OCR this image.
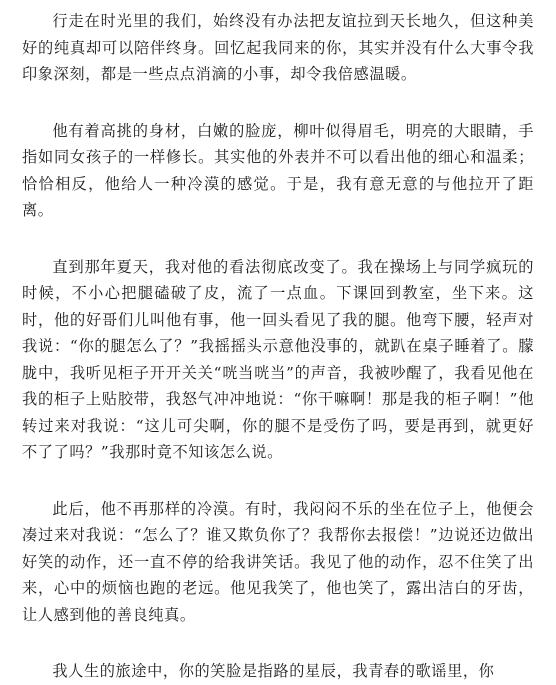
行走在时光里的我们，始终没有办法把友谊拉到天长地久，但这种美好的纯真却可以陪伴终身。回忆起我同来的你，其实并没有什么大事令我印象深刻，都是一些点点消滴的小事，却令我倍感温暖。

他有着高挑的身材，白嫩的脸庞，柳叶似得眉毛，明亮的大眼睛，手指如同女孩子的一样修长。其实他的外表并不可以看出他的细心和温柔；恰恰相反，他给人一种冷漠的感觉。于是，我有意无意的与他拉开了距离。

直到那年夏天，我对他的看法彻底改变了。我在操场上与同学疯玩的时候，不小心把腿磕破了皮，流了一点血。下课回到教室，坐下来。这时，他的好哥们儿叫他有事，他一回头看见了我的腿。他弯下腰，轻声对我说：“你的腿怎么了？”我摇摇头示意他没事的，就趴在桌子睡着了。朦胧中，我听见柜子开开关关“咣当咣当”的声音，我被吵醒了，我看见他在我的柜子上贴胶带，我怒气冲冲地说：“你干嘛啊！那是我的柜子啊！”他转过来对我说：“这儿可尖啊，你的腿不是受伤了吗，要是再到，就更好不了了吗？”我那时竟不知该怎么说。

此后，他不再那样的冷漠。有时，我闷闷不乐的坐在位子上，他便会凑过来对我说：“怎么了？谁又欺负你了？我帮你去报偿！”边说还边做出好笑的动作，还一直不停的给我讲笑话。我见了他的动作，忍不住笑了出来，心中的烦恼也跑的老远。他见我笑了，他也笑了，露出洁白的牙齿，让人感到他的善良纯真。

我人生的旅途中，你的笑脸是指路的星辰，我青春的歌谣里，你
